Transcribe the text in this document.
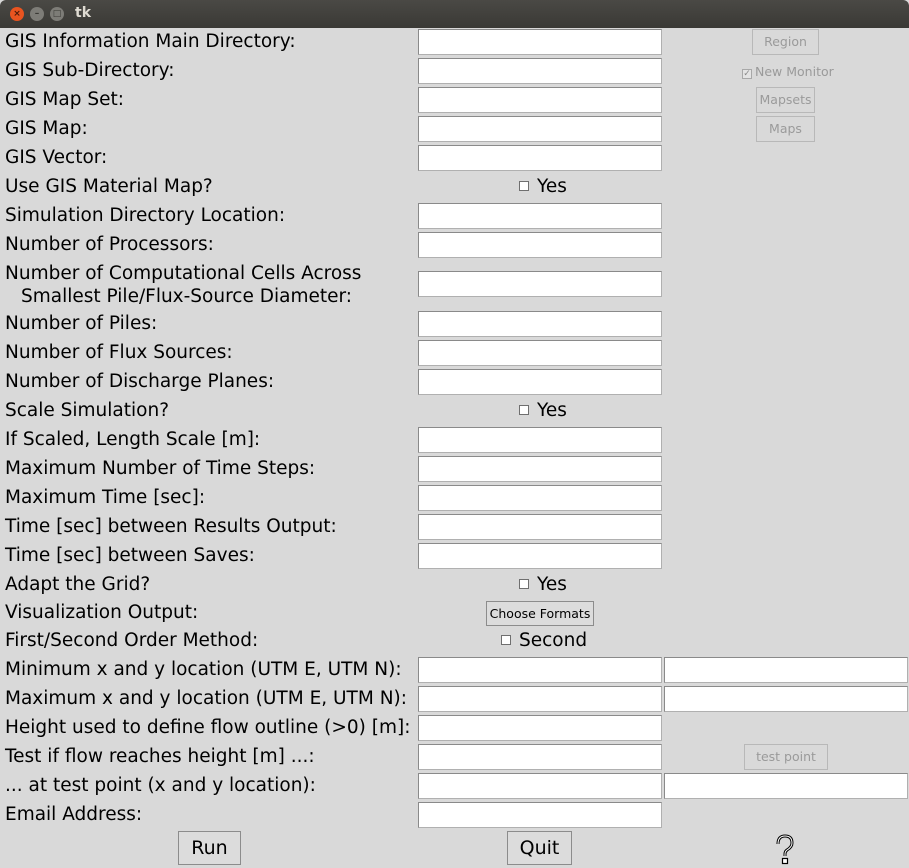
×	–	□ tk
GIS Information Main Directory:	Region
GIS Sub-Directory:	✓ New Monitor
GIS Map Set:	Mapsets
GIS Map:	Maps
GIS Vector:
Use GIS Material Map?	Yes
Simulation Directory Location:
Number of Processors:
Number of Computational Cells Across
Smallest Pile/Flux-Source Diameter:
Number of Piles:
Number of Flux Sources:
Number of Discharge Planes:
Scale Simulation?	Yes
If Scaled, Length Scale [m]:
Maximum Number of Time Steps:
Maximum Time [sec]:
Time [sec] between Results Output:
Time [sec] between Saves:
Adapt the Grid?	Yes
Visualization Output:	Choose Formats
First/Second Order Method:	Second
Minimum x and y location (UTM E, UTM N):
Maximum x and y location (UTM E, UTM N):
Height used to define flow outline (>0) [m]:
Test if flow reaches height [m] ...:	test point
... at test point (x and y location):
Email Address:
Run	Quit
